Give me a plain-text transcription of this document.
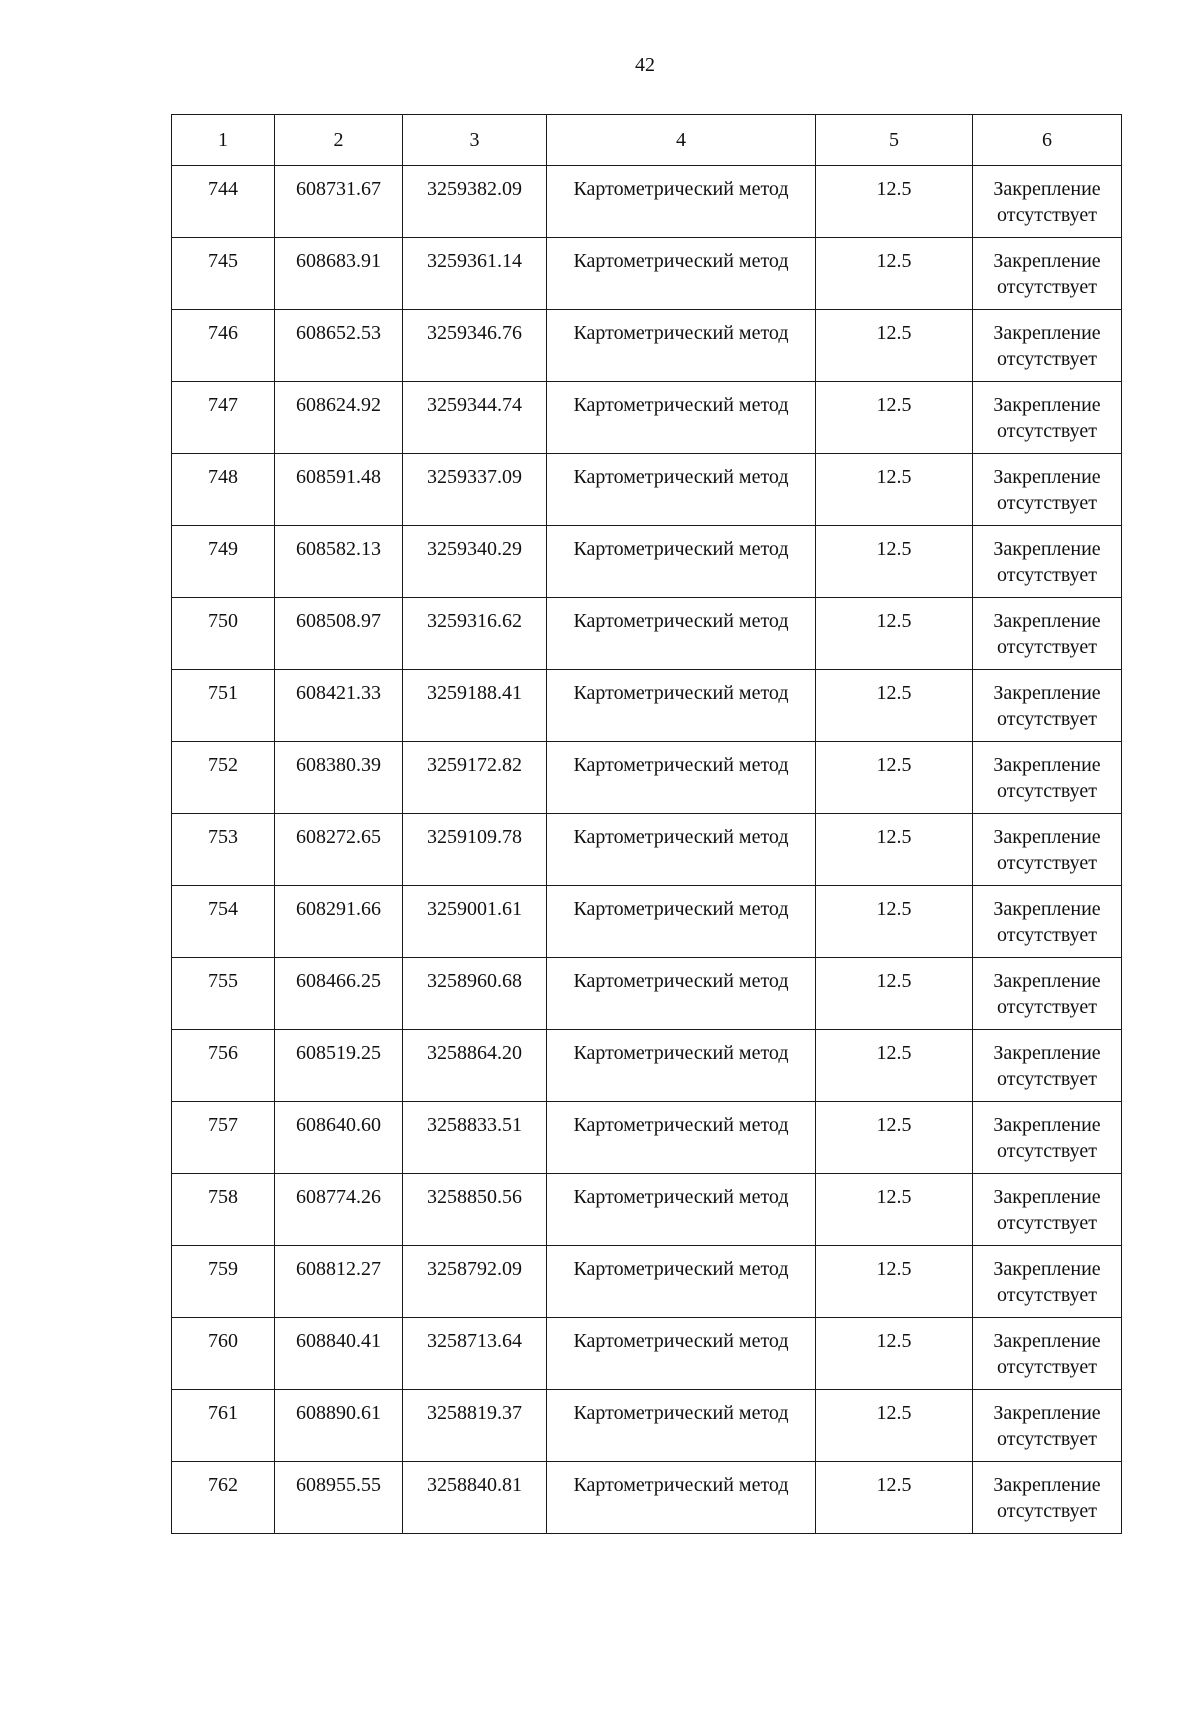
42
1	2	3	4	5	6
744	608731.67	3259382.09	Картометрический метод	12.5	Закрепление
отсутствует

745	608683.91	3259361.14	Картометрический метод	12.5	Закрепление
отсутствует

746	608652.53	3259346.76	Картометрический метод	12.5	Закрепление
отсутствует

747	608624.92	3259344.74	Картометрический метод	12.5	Закрепление
отсутствует

748	608591.48	3259337.09	Картометрический метод	12.5	Закрепление
отсутствует

749	608582.13	3259340.29	Картометрический метод	12.5	Закрепление
отсутствует

750	608508.97	3259316.62	Картометрический метод	12.5	Закрепление
отсутствует

751	608421.33	3259188.41	Картометрический метод	12.5	Закрепление
отсутствует

752	608380.39	3259172.82	Картометрический метод	12.5	Закрепление
отсутствует

753	608272.65	3259109.78	Картометрический метод	12.5	Закрепление
отсутствует

754	608291.66	3259001.61	Картометрический метод	12.5	Закрепление
отсутствует

755	608466.25	3258960.68	Картометрический метод	12.5	Закрепление
отсутствует

756	608519.25	3258864.20	Картометрический метод	12.5	Закрепление
отсутствует

757	608640.60	3258833.51	Картометрический метод	12.5	Закрепление
отсутствует

758	608774.26	3258850.56	Картометрический метод	12.5	Закрепление
отсутствует

759	608812.27	3258792.09	Картометрический метод	12.5	Закрепление
отсутствует

760	608840.41	3258713.64	Картометрический метод	12.5	Закрепление
отсутствует

761	608890.61	3258819.37	Картометрический метод	12.5	Закрепление
отсутствует

762	608955.55	3258840.81	Картометрический метод	12.5	Закрепление
отсутствует
